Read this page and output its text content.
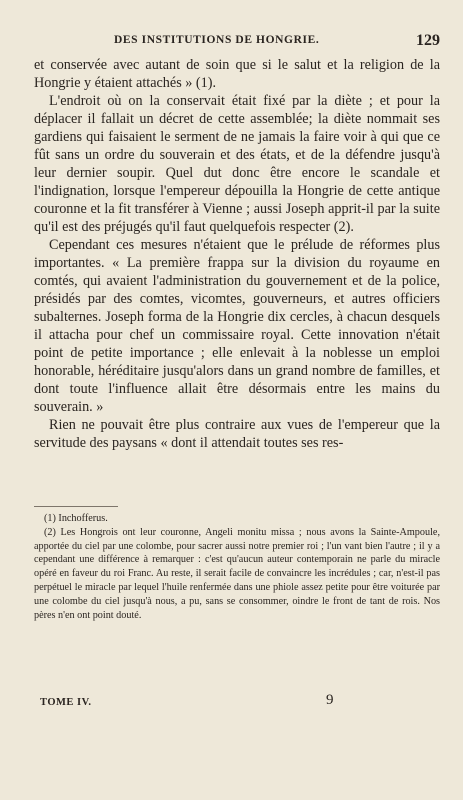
DES INSTITUTIONS DE HONGRIE.	129

et conservée avec autant de soin que si le salut et la religion de la Hongrie y étaient attachés » (1).

L'endroit où on la conservait était fixé par la diète ; et pour la déplacer il fallait un décret de cette assemblée; la diète nommait ses gardiens qui faisaient le serment de ne jamais la faire voir à qui que ce fût sans un ordre du souverain et des états, et de la défendre jusqu'à leur dernier soupir. Quel dut donc être encore le scandale et l'indignation, lorsque l'empereur dépouilla la Hongrie de cette antique couronne et la fit transférer à Vienne ; aussi Joseph apprit-il par la suite qu'il est des préjugés qu'il faut quelquefois respecter (2).

Cependant ces mesures n'étaient que le prélude de réformes plus importantes. « La première frappa sur la division du royaume en comtés, qui avaient l'administration du gouvernement et de la police, présidés par des comtes, vicomtes, gouverneurs, et autres officiers subalternes. Joseph forma de la Hongrie dix cercles, à chacun desquels il attacha pour chef un commissaire royal. Cette innovation n'était point de petite importance ; elle enlevait à la noblesse un emploi honorable, héréditaire jusqu'alors dans un grand nombre de familles, et dont toute l'influence allait être désormais entre les mains du souverain. »

Rien ne pouvait être plus contraire aux vues de l'empereur que la servitude des paysans « dont il attendait toutes ses res-

(1) Inchofferus.

(2) Les Hongrois ont leur couronne, Angeli monitu missa ; nous avons la Sainte-Ampoule, apportée du ciel par une colombe, pour sacrer aussi notre premier roi ; l'un vant bien l'autre ; il y a cependant une différence à remarquer : c'est qu'aucun auteur contemporain ne parle du miracle opéré en faveur du roi Franc. Au reste, il serait facile de convaincre les incrédules ; car, n'est-il pas perpétuel le miracle par lequel l'huile renfermée dans une phiole assez petite pour être voiturée par une colombe du ciel jusqu'à nous, a pu, sans se consommer, oindre le front de tant de rois. Nos pères n'en ont point douté.

TOME IV.	9
